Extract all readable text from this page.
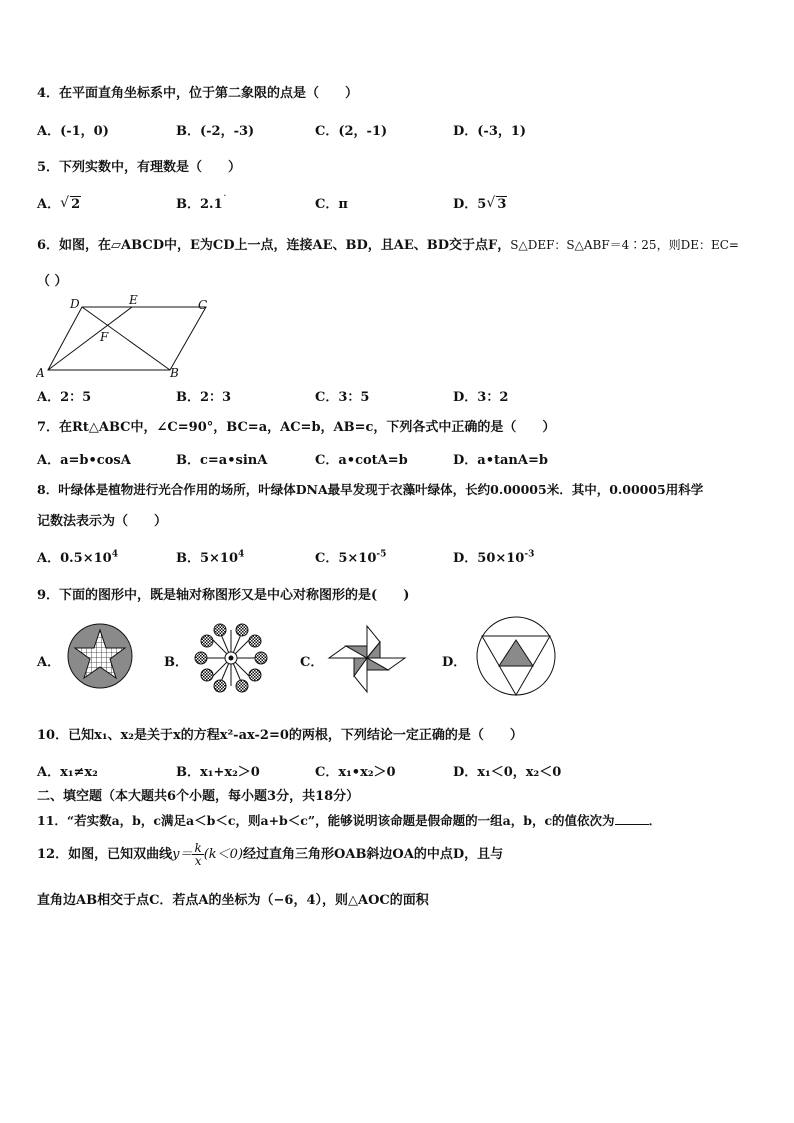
4．在平面直角坐标系中，位于第二象限的点是（　　）
A．(-1，0)	B．(-2，-3)	C．(2，-1)	D．(-3，1)
5．下列实数中，有理数是（　　）
A． √ 2	B．2.1˙	C．π	D．5 √ 3
6．如图，在▱ABCD中，E为CD上一点，连接AE、BD，且AE、BD交于点F，S△DEF：S△ABF＝4∶25，则DE：EC=
（ ）
A	B
C
D	E
F
A．2：5	B．2：3	C．3：5	D．3：2
7．在Rt△ABC中，∠C=90°，BC=a，AC=b，AB=c，下列各式中正确的是（　　）
A．a=b•cosA	B．c=a•sinA	C．a•cotA=b	D．a•tanA=b
8．叶绿体是植物进行光合作用的场所，叶绿体DNA最早发现于衣藻叶绿体，长约0.00005米．其中，0.00005用科学
记数法表示为（　　）
A．$0.5\times 10^4$	B．$5\times 10^4$	C．$5\times 10^{-5}$	D．$50\times 10^{-3}$
9．下面的图形中，既是轴对称图形又是中心对称图形的是(　　)
A．	B．	C．	D．
10．已知x₁、x₂是关于x的方程x²-ax-2=0的两根，下列结论一定正确的是（　　）
A．x₁≠x₂	B．x₁+x₂＞0	C．x₁•x₂＞0	D．x₁＜0，x₂＜0
二、填空题（本大题共6个小题，每小题3分，共18分）
11．“若实数a，b，c满足a＜b＜c，则a+b＜c”，能够说明该命题是假命题的一组a，b，c的值依次为	．
12．如图，已知双曲线$y= \frac{k}{x} (k<0)$经过直角三角形OAB斜边OA的中点D，且与
直角边AB相交于点C．若点A的坐标为（−6，4），则△AOC的面积
